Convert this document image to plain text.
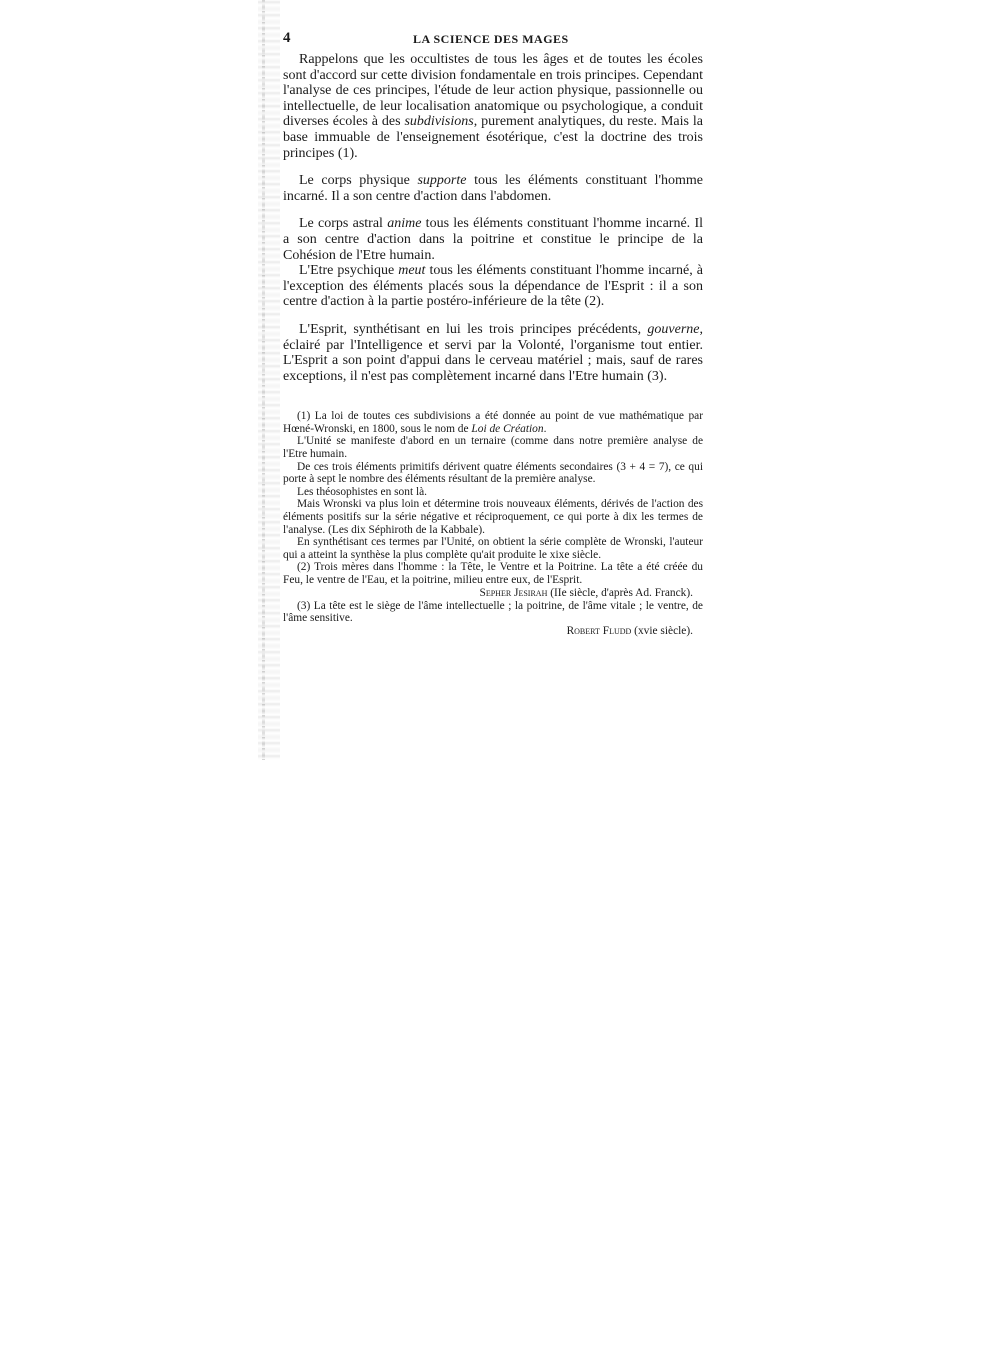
4	LA SCIENCE DES MAGES

Rappelons que les occultistes de tous les âges et de toutes les écoles sont d'accord sur cette division fondamentale en trois principes. Cependant l'analyse de ces principes, l'étude de leur action physique, passionnelle ou intellectuelle, de leur localisation anatomique ou psychologique, a conduit diverses écoles à des subdivisions, purement analytiques, du reste. Mais la base immuable de l'enseignement ésotérique, c'est la doctrine des trois principes (1).

Le corps physique supporte tous les éléments constituant l'homme incarné. Il a son centre d'action dans l'abdomen.

Le corps astral anime tous les éléments constituant l'homme incarné. Il a son centre d'action dans la poitrine et constitue le principe de la Cohésion de l'Etre humain.

L'Etre psychique meut tous les éléments constituant l'homme incarné, à l'exception des éléments placés sous la dépendance de l'Esprit : il a son centre d'action à la partie postéro-inférieure de la tête (2).

L'Esprit, synthétisant en lui les trois principes précédents, gouverne, éclairé par l'Intelligence et servi par la Volonté, l'organisme tout entier. L'Esprit a son point d'appui dans le cerveau matériel ; mais, sauf de rares exceptions, il n'est pas complètement incarné dans l'Etre humain (3).

(1) La loi de toutes ces subdivisions a été donnée au point de vue mathématique par Hœné-Wronski, en 1800, sous le nom de Loi de Création.

L'Unité se manifeste d'abord en un ternaire (comme dans notre première analyse de l'Etre humain.

De ces trois éléments primitifs dérivent quatre éléments secondaires (3 + 4 = 7), ce qui porte à sept le nombre des éléments résultant de la première analyse.

Les théosophistes en sont là.

Mais Wronski va plus loin et détermine trois nouveaux éléments, dérivés de l'action des éléments positifs sur la série négative et réciproquement, ce qui porte à dix les termes de l'analyse. (Les dix Séphiroth de la Kabbale).

En synthétisant ces termes par l'Unité, on obtient la série complète de Wronski, l'auteur qui a atteint la synthèse la plus complète qu'ait produite le xixe siècle.

(2) Trois mères dans l'homme : la Tête, le Ventre et la Poitrine. La tête a été créée du Feu, le ventre de l'Eau, et la poitrine, milieu entre eux, de l'Esprit.

Sepher Jesirah (IIe siècle, d'après Ad. Franck).

(3) La tête est le siège de l'âme intellectuelle ; la poitrine, de l'âme vitale ; le ventre, de l'âme sensitive.

Robert Fludd (xvie siècle).
